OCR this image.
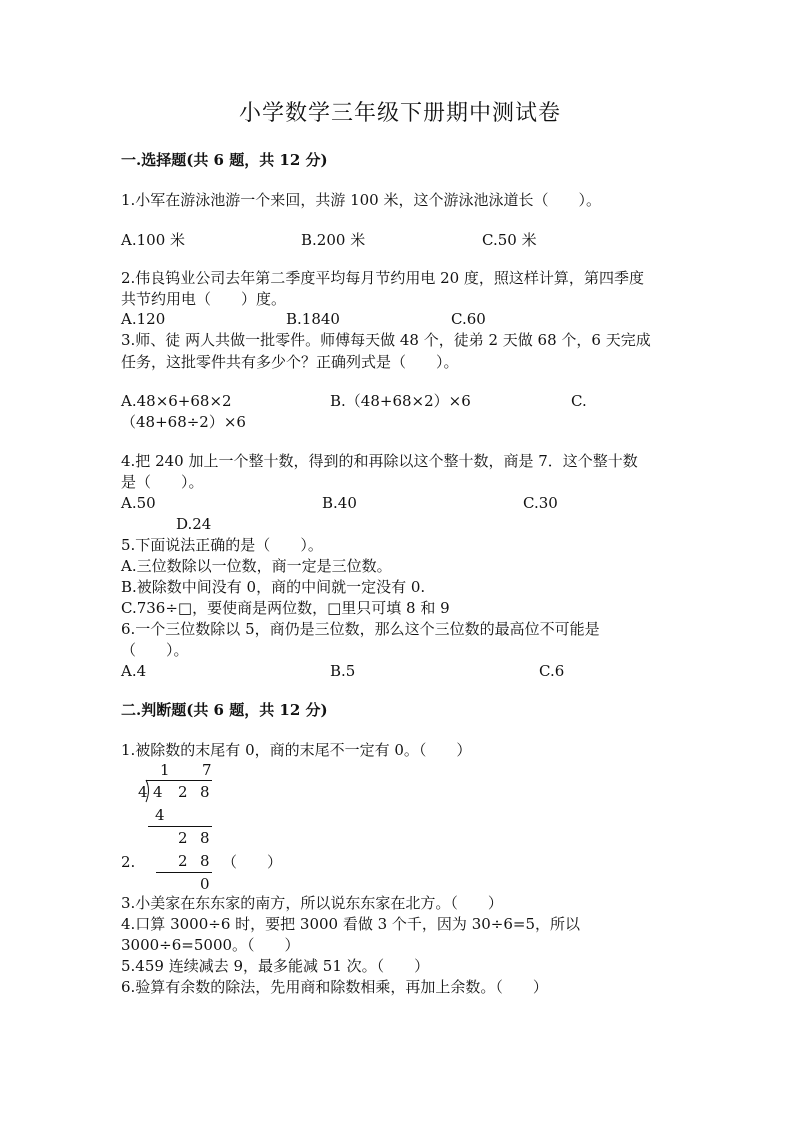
小学数学三年级下册期中测试卷
一.选择题(共 6 题，共 12 分)
1.小军在游泳池游一个来回，共游 100 米，这个游泳池泳道长（　　）。
A.100 米	B.200 米	C.50 米
2.伟良钨业公司去年第二季度平均每月节约用电 20 度，照这样计算，第四季度
共节约用电（　　）度。
A.120	B.1840	C.60
3.师、徒 两人共做一批零件。师傅每天做 48 个，徒弟 2 天做 68 个，6 天完成
任务，这批零件共有多少个？正确列式是（　　）。
A.48×6+68×2	B.（48+68×2）×6	C.
（48+68÷2）×6
4.把 240 加上一个整十数，得到的和再除以这个整十数，商是 7．这个整十数
是（　　）。
A.50	B.40	C.30
D.24
5.下面说法正确的是（　　）。
A.三位数除以一位数，商一定是三位数。
B.被除数中间没有 0，商的中间就一定没有 0.
C.736÷□，要使商是两位数，□里只可填 8 和 9
6.一个三位数除以 5，商仍是三位数，那么这个三位数的最高位不可能是
（　　）。
A.4	B.5	C.6
二.判断题(共 6 题，共 12 分)
1.被除数的末尾有 0，商的末尾不一定有 0。（　　）
1 7
4 4 2 8
4
2 8
2 8
0
2.	（　　）
3.小美家在东东家的南方，所以说东东家在北方。（　　）
4.口算 3000÷6 时，要把 3000 看做 3 个千，因为 30÷6=5，所以
3000÷6=5000。（　　）
5.459 连续减去 9，最多能减 51 次。（　　）
6.验算有余数的除法，先用商和除数相乘，再加上余数。（　　）
